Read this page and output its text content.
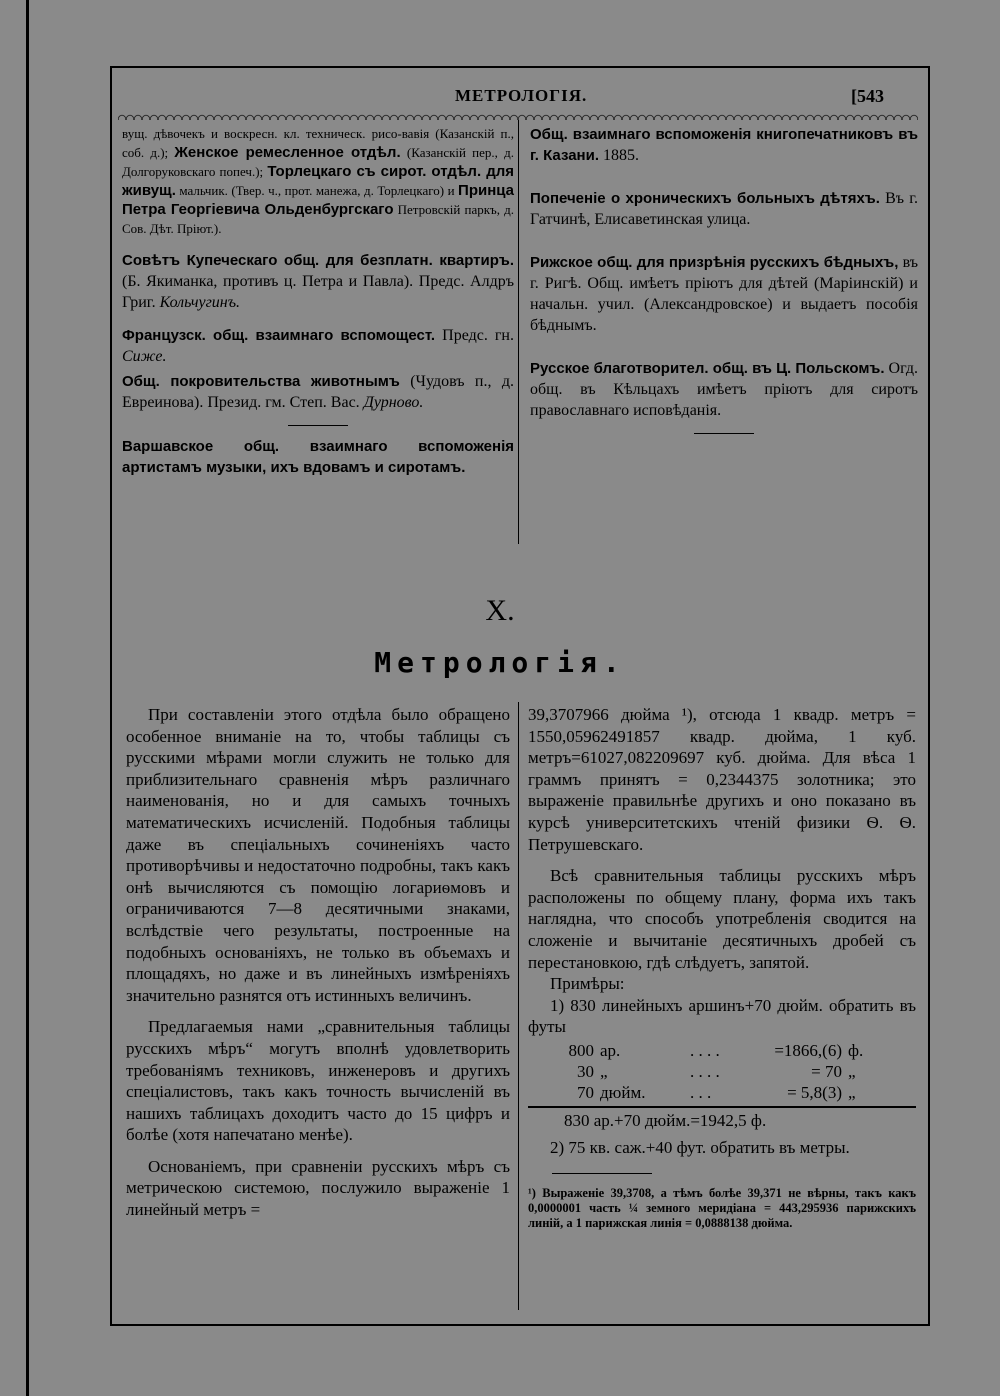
МЕТРОЛОГІЯ.	[543

вущ. дѣвочекъ и воскресн. кл. техническ. рисо-вавія (Казанскій п., соб. д.); Женское ремесленное отдѣл. (Казанскій пер., д. Долгоруковскаго попеч.); Торлецкаго съ сирот. отдѣл. для живущ. мальчик. (Твер. ч., прот. манежа, д. Торлецкаго) и Принца Петра Георгіевича Ольденбургскаго Петровскій паркъ, д. Сов. Дѣт. Пріют.).

Совѣтъ Купеческаго общ. для безплатн. квартиръ. (Б. Якиманка, противъ ц. Петра и Павла). Предс. Алдръ Григ. Кольчугинъ.

Французск. общ. взаимнаго вспомощест. Предс. гн. Сиже.

Общ. покровительства животнымъ (Чудовъ п., д. Евреинова). Презид. гм. Степ. Вас. Дурново.

Варшавское общ. взаимнаго вспоможенія артистамъ музыки, ихъ вдовамъ и сиротамъ.

Общ. взаимнаго вспоможенія книгопечатниковъ въ г. Казани. 1885.

Попеченіе о хроническихъ больныхъ дѣтяхъ. Въ г. Гатчинѣ, Елисаветинская улица.

Рижское общ. для призрѣнія русскихъ бѣдныхъ, въ г. Ригѣ. Общ. имѣетъ пріютъ для дѣтей (Маріинскій) и начальн. учил. (Александровское) и выдаетъ пособія бѣднымъ.

Русское благотворител. общ. въ Ц. Польскомъ. Огд. общ. въ Кѣльцахъ имѣетъ пріютъ для сиротъ православнаго исповѣданія.

X.
Метрологія.

При составленіи этого отдѣла было обращено особенное вниманіе на то, чтобы таблицы съ русскими мѣрами могли служить не только для приблизительнаго сравненія мѣръ различнаго наименованія, но и для самыхъ точныхъ математическихъ исчисленій. Подобныя таблицы даже въ спеціальныхъ сочиненіяхъ часто противорѣчивы и недостаточно подробны, такъ какъ онѣ вычисляются съ помощію логариѳмовъ и ограничиваются 7—8 десятичными знаками, вслѣдствіе чего результаты, построенные на подобныхъ основаніяхъ, не только въ объемахъ и площадяхъ, но даже и въ линейныхъ измѣреніяхъ значительно разнятся отъ истинныхъ величинъ.

Предлагаемыя нами „сравнительныя таблицы русскихъ мѣръ“ могутъ вполнѣ удовлетворить требованіямъ техниковъ, инженеровъ и другихъ спеціалистовъ, такъ какъ точность вычисленій въ нашихъ таблицахъ доходитъ часто до 15 цифръ и болѣе (хотя напечатано менѣе).

Основаніемъ, при сравненіи русскихъ мѣръ съ метрическою системою, послужило выраженіе 1 линейный метръ =

39,3707966 дюйма ¹), отсюда 1 квадр. метръ = 1550,05962491857 квадр. дюйма, 1 куб. метръ=61027,082209697 куб. дюйма. Для вѣса 1 граммъ принятъ = 0,2344375 золотника; это выраженіе правильнѣе другихъ и оно показано въ курсѣ университетскихъ чтеній физики Ѳ. Ѳ. Петрушевскаго.

Всѣ сравнительныя таблицы русскихъ мѣръ расположены по общему плану, форма ихъ такъ наглядна, что способъ употребленія сводится на сложеніе и вычитаніе десятичныхъ дробей съ перестановкою, гдѣ слѣдуетъ, запятой.

Примѣры:

1) 830 линейныхъ аршинъ+70 дюйм. обратить въ футы

800 ар.	. . . .	=1866,(6) ф.
30 „	. . . .	= 70 „
70 дюйм.	. . .	= 5,8(3) „
830 ар.+70 дюйм.=1942,5 ф.

2) 75 кв. саж.+40 фут. обратить въ метры.

¹) Выраженіе 39,3708, а тѣмъ болѣе 39,371 не вѣрны, такъ какъ 0,0000001 часть ¼ земного меридіана = 443,295936 парижскихъ линій, а 1 парижская линія = 0,0888138 дюйма.
